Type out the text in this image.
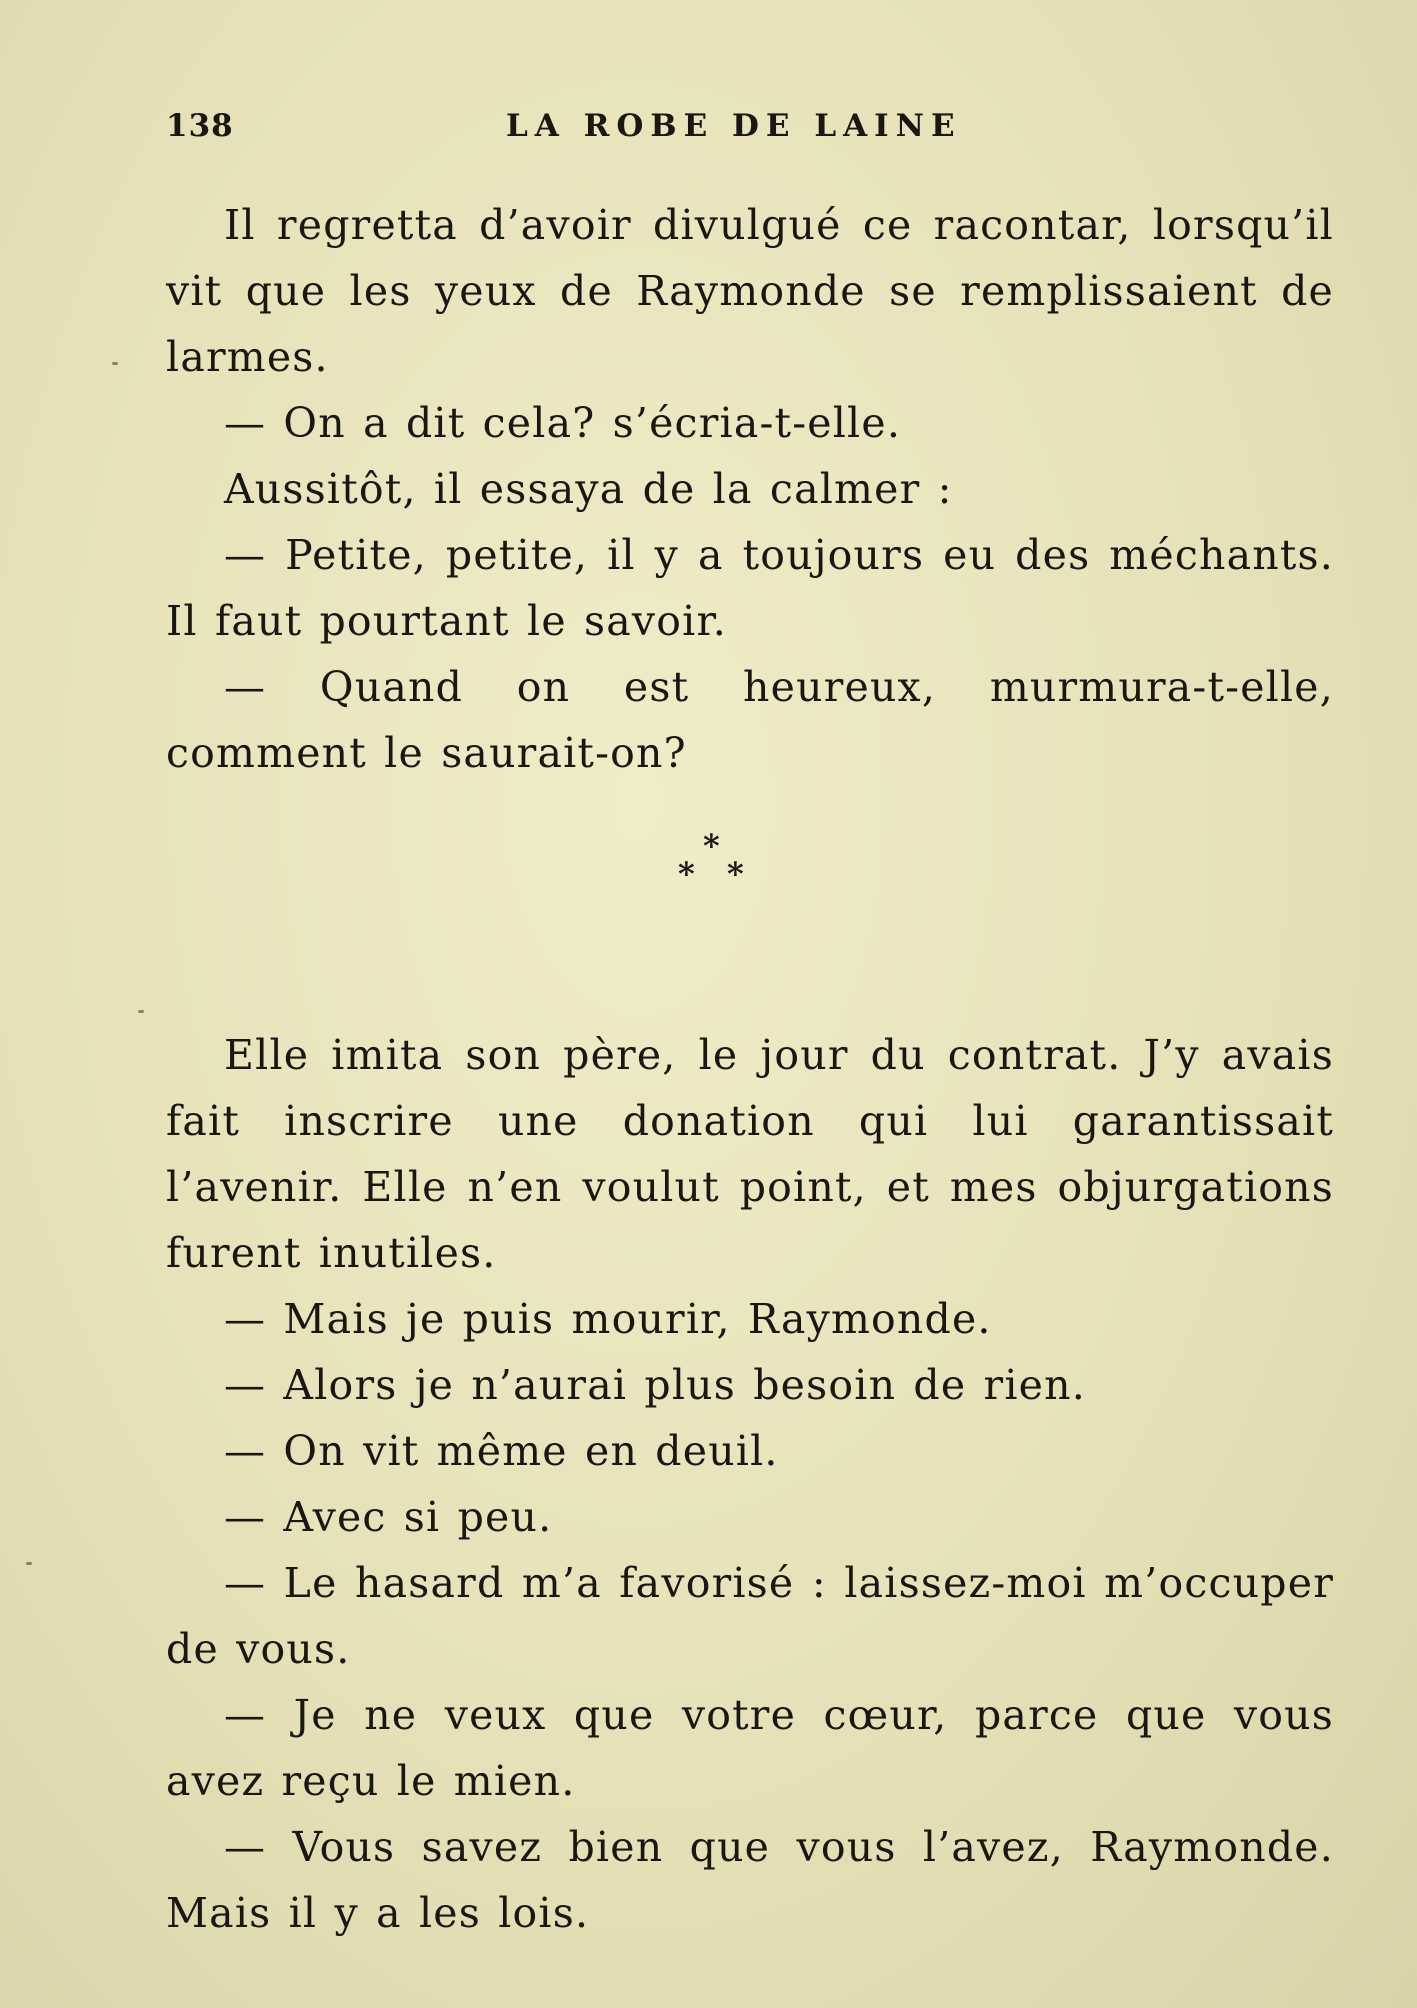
138	LA ROBE DE LAINE

Il regretta d’avoir divulgué ce racontar, lorsqu’il vit que les yeux de Raymonde se remplissaient de larmes.

— On a dit cela? s’écria-t-elle.

Aussitôt, il essaya de la calmer :

— Petite, petite, il y a toujours eu des méchants. Il faut pourtant le savoir.

— Quand on est heureux, murmura-t-elle, comment le saurait-on?

*
* *

Elle imita son père, le jour du contrat. J’y avais fait inscrire une donation qui lui garantissait l’avenir. Elle n’en voulut point, et mes objurgations furent inutiles.

— Mais je puis mourir, Raymonde.

— Alors je n’aurai plus besoin de rien.

— On vit même en deuil.

— Avec si peu.

— Le hasard m’a favorisé : laissez-moi m’occuper de vous.

— Je ne veux que votre cœur, parce que vous avez reçu le mien.

— Vous savez bien que vous l’avez, Raymonde. Mais il y a les lois.
